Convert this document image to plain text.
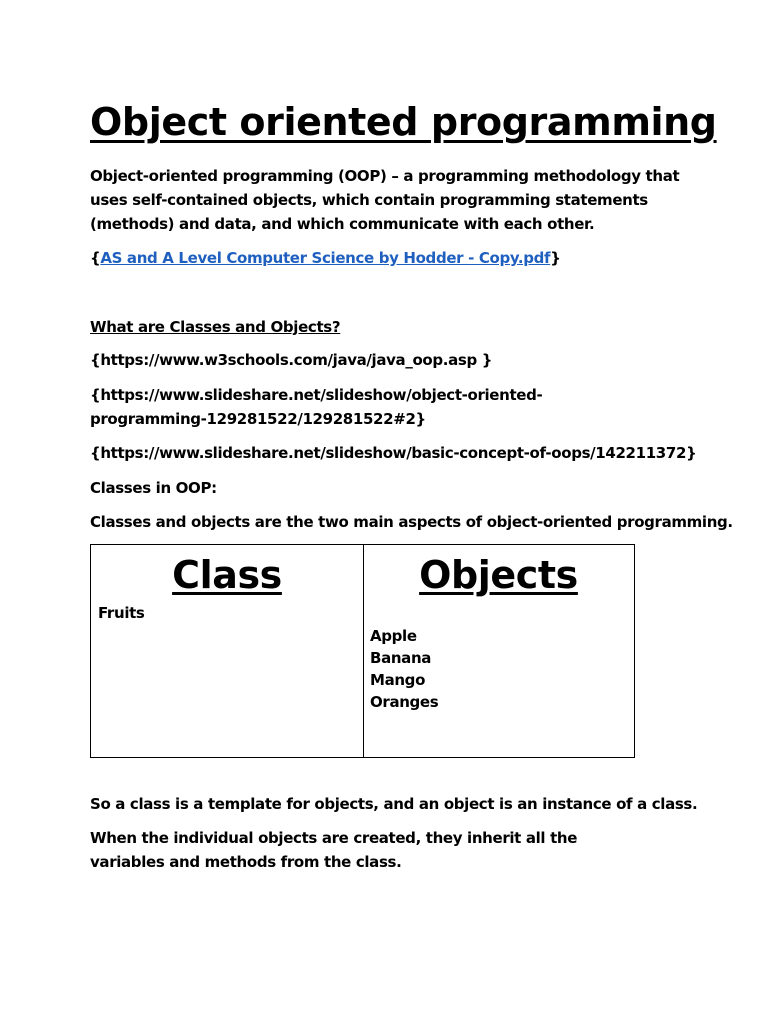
Object oriented programming

Object-oriented programming (OOP) – a programming methodology that uses self-contained objects, which contain programming statements (methods) and data, and which communicate with each other.

{AS and A Level Computer Science by Hodder - Copy.pdf}

What are Classes and Objects?

{https://www.w3schools.com/java/java_oop.asp }

{https://www.slideshare.net/slideshow/object-oriented-programming-129281522/129281522#2}

{https://www.slideshare.net/slideshow/basic-concept-of-oops/142211372}

Classes in OOP:

Classes and objects are the two main aspects of object-oriented programming.

Class
Fruits
Objects
Apple
Banana
Mango
Oranges

So a class is a template for objects, and an object is an instance of a class.

When the individual objects are created, they inherit all the variables and methods from the class.
